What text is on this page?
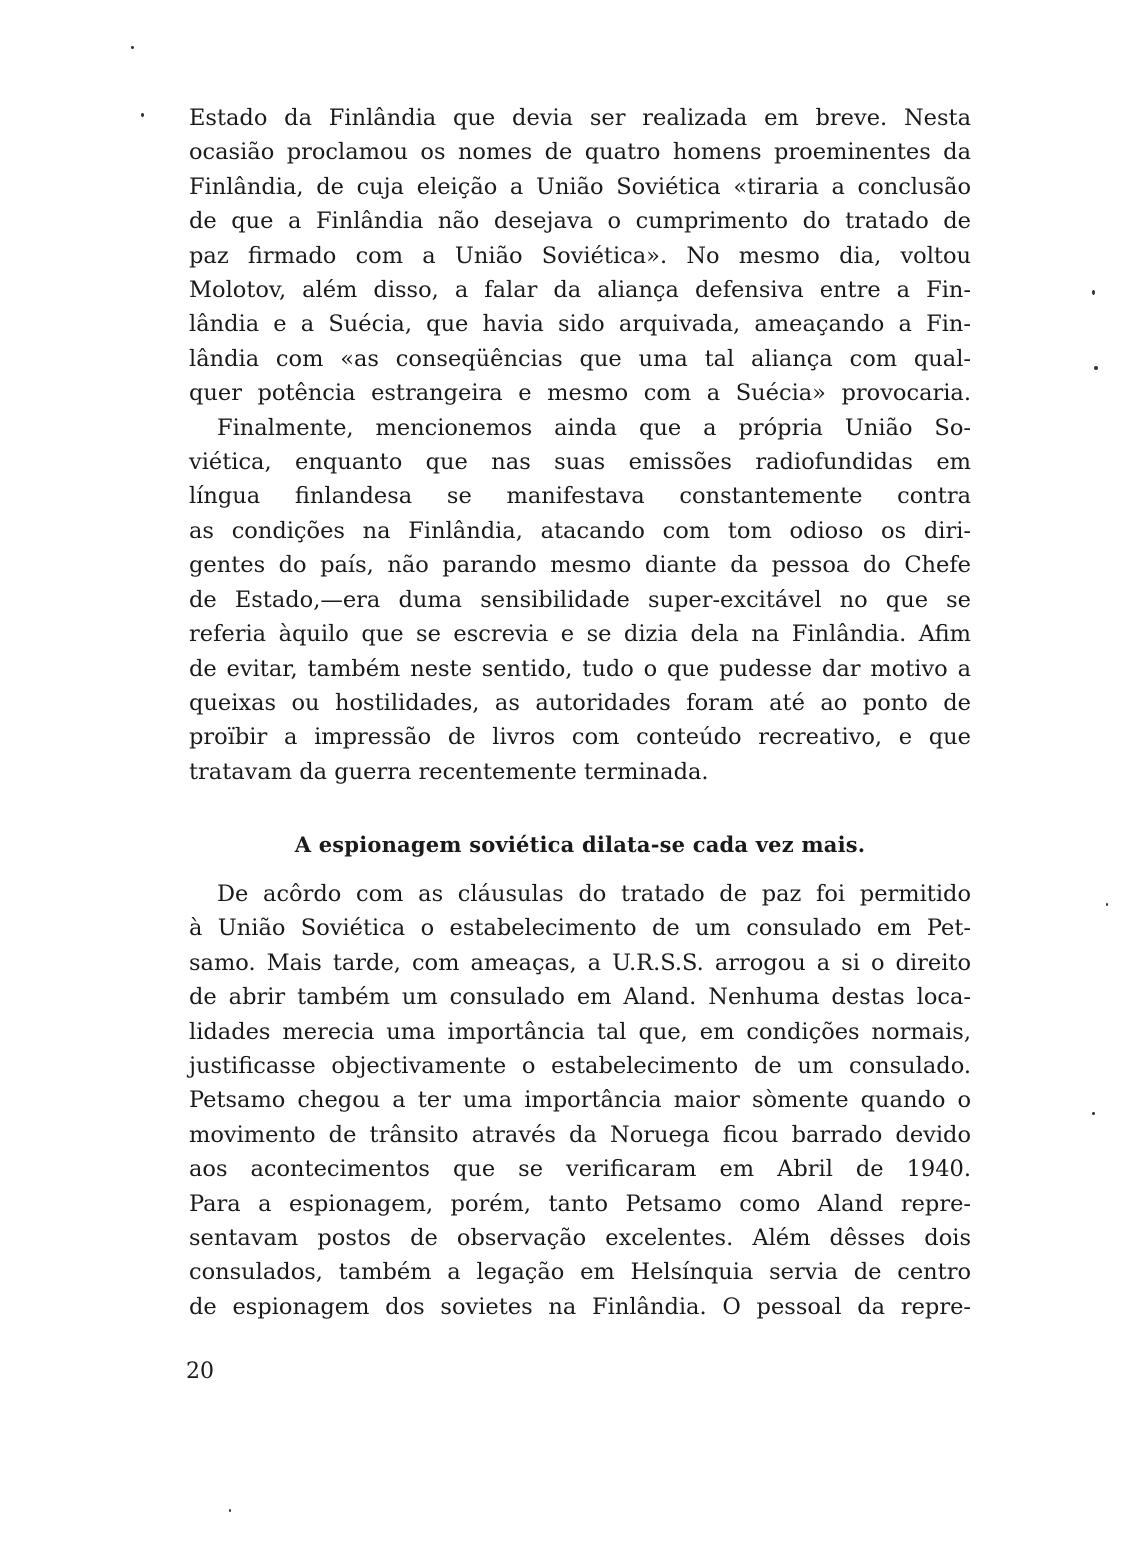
Estado da Finlândia que devia ser realizada em breve. Nesta
ocasião proclamou os nomes de quatro homens proeminentes da
Finlândia, de cuja eleição a União Soviética «tiraria a conclusão
de que a Finlândia não desejava o cumprimento do tratado de
paz firmado com a União Soviética». No mesmo dia, voltou
Molotov, além disso, a falar da aliança defensiva entre a Fin-
lândia e a Suécia, que havia sido arquivada, ameaçando a Fin-
lândia com «as conseqüências que uma tal aliança com qual-
quer potência estrangeira e mesmo com a Suécia» provocaria.
Finalmente, mencionemos ainda que a própria União So-
viética, enquanto que nas suas emissões radiofundidas em
língua finlandesa se manifestava constantemente contra
as condições na Finlândia, atacando com tom odioso os diri-
gentes do país, não parando mesmo diante da pessoa do Chefe
de Estado,—era duma sensibilidade super-excitável no que se
referia àquilo que se escrevia e se dizia dela na Finlândia. Afim
de evitar, também neste sentido, tudo o que pudesse dar motivo a
queixas ou hostilidades, as autoridades foram até ao ponto de
proïbir a impressão de livros com conteúdo recreativo, e que
tratavam da guerra recentemente terminada.
A espionagem soviética dilata-se cada vez mais.
De acôrdo com as cláusulas do tratado de paz foi permitido
à União Soviética o estabelecimento de um consulado em Pet-
samo. Mais tarde, com ameaças, a U.R.S.S. arrogou a si o direito
de abrir também um consulado em Aland. Nenhuma destas loca-
lidades merecia uma importância tal que, em condições normais,
justificasse objectivamente o estabelecimento de um consulado.
Petsamo chegou a ter uma importância maior sòmente quando o
movimento de trânsito através da Noruega ficou barrado devido
aos acontecimentos que se verificaram em Abril de 1940.
Para a espionagem, porém, tanto Petsamo como Aland repre-
sentavam postos de observação excelentes. Além dêsses dois
consulados, também a legação em Helsínquia servia de centro
de espionagem dos sovietes na Finlândia. O pessoal da repre-
20
